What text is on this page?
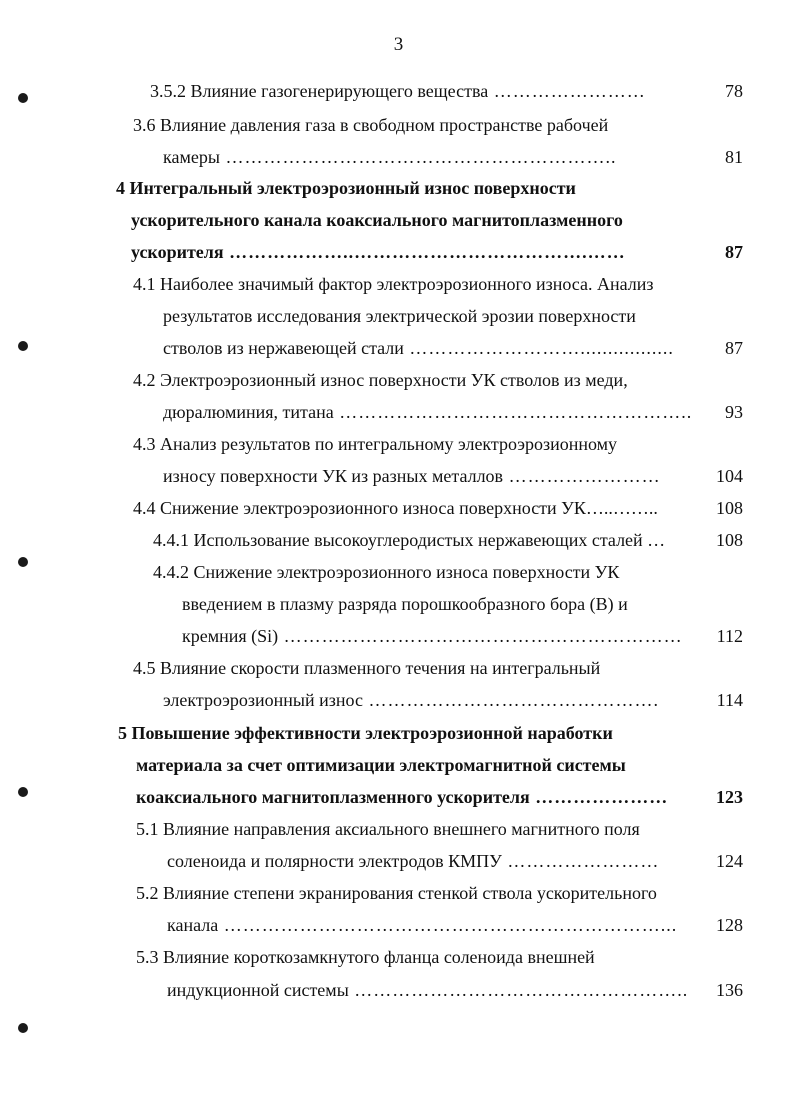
3
3.5.2 Влияние газогенерирующего вещества ……………………	78
3.6 Влияние давления газа в свободном пространстве рабочей
камеры ……………………………………………………..	81
4 Интегральный электроэрозионный износ поверхности
ускорительного канала коаксиального магнитоплазменного
ускорителя ………………..……………………………….……	87
4.1 Наиболее значимый фактор электроэрозионного износа. Анализ
результатов исследования электрической эрозии поверхности
стволов из нержавеющей стали ……………………….................	87
4.2 Электроэрозионный износ поверхности УК стволов из меди,
дюралюминия, титана ………………………………………………..	93
4.3 Анализ результатов по интегральному электроэрозионному
износу поверхности УК из разных металлов ……………………	104
4.4 Снижение электроэрозионного износа поверхности УК…..……..	108
4.4.1 Использование высокоуглеродистых нержавеющих сталей …	108
4.4.2 Снижение электроэрозионного износа поверхности УК
введением в плазму разряда порошкообразного бора (B) и
кремния (Si) ………………………………………………………	112
4.5 Влияние скорости плазменного течения на интегральный
электроэрозионный износ ……………………………………….	114
5 Повышение эффективности электроэрозионной наработки
материала за счет оптимизации электромагнитной системы
коаксиального магнитоплазменного ускорителя …………………	123
5.1 Влияние направления аксиального внешнего магнитного поля
соленоида и полярности электродов КМПУ ……………………	124
5.2 Влияние степени экранирования стенкой ствола ускорительного
канала ……………………………………………………………...	128
5.3 Влияние короткозамкнутого фланца соленоида внешней
индукционной системы ……………………………………………..	136
